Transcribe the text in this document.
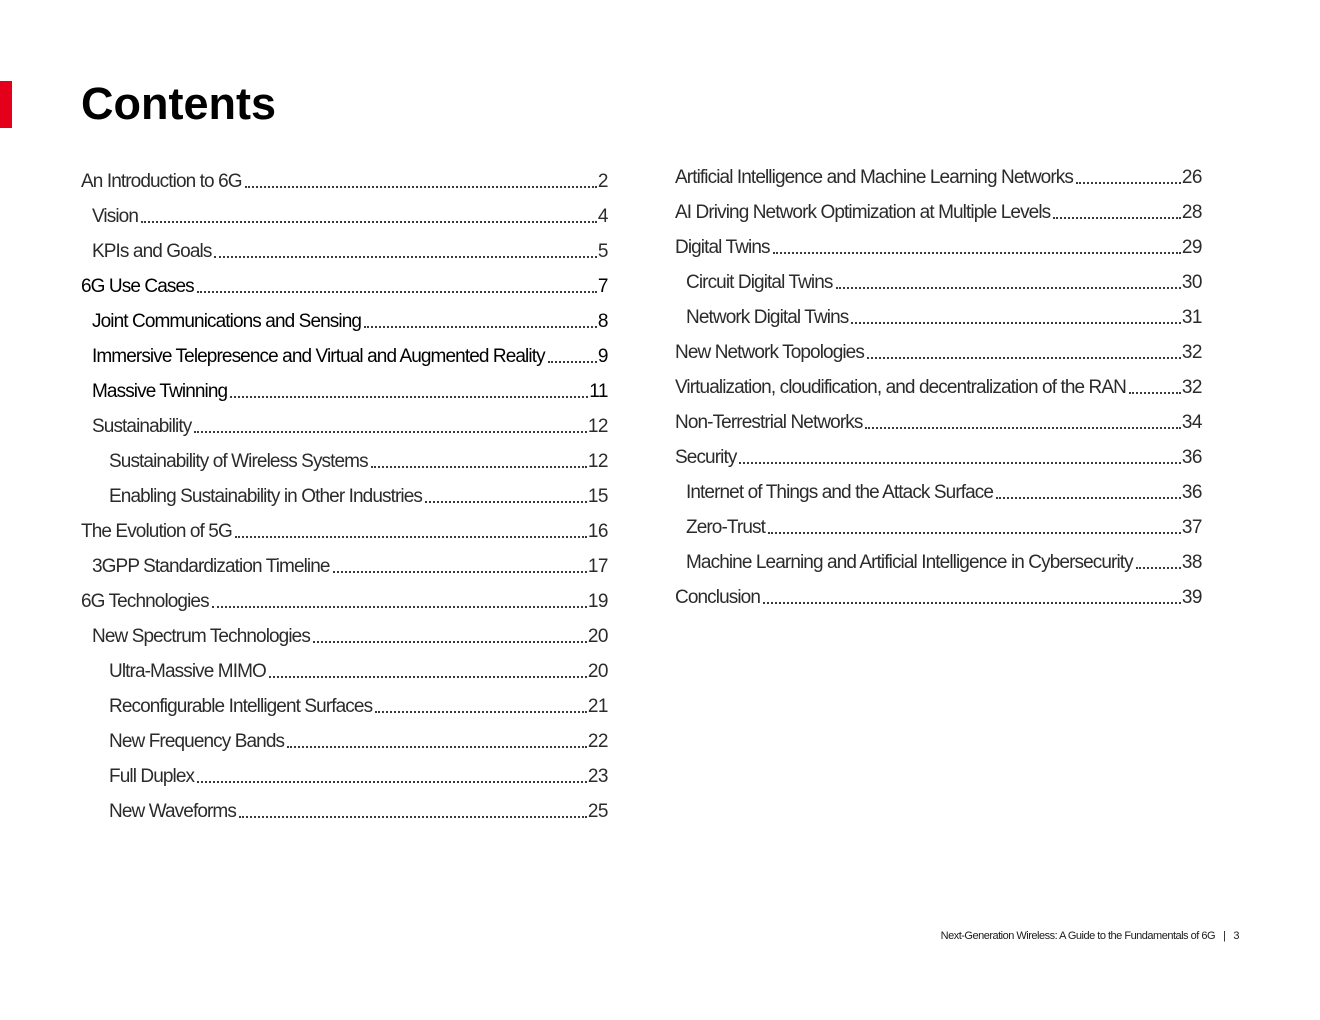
Contents
An Introduction to 6G	2
Vision	4
KPIs and Goals	5
6G Use Cases	7
Joint Communications and Sensing	8
Immersive Telepresence and Virtual and Augmented Reality	9
Massive Twinning	11
Sustainability	12
Sustainability of Wireless Systems	12
Enabling Sustainability in Other Industries	15
The Evolution of 5G	16
3GPP Standardization Timeline	17
6G Technologies	19
New Spectrum Technologies	20
Ultra-Massive MIMO	20
Reconfigurable Intelligent Surfaces	21
New Frequency Bands	22
Full Duplex	23
New Waveforms	25
Artificial Intelligence and Machine Learning Networks	26
AI Driving Network Optimization at Multiple Levels	28
Digital Twins	29
Circuit Digital Twins	30
Network Digital Twins	31
New Network Topologies	32
Virtualization, cloudification, and decentralization of the RAN	32
Non-Terrestrial Networks	34
Security	36
Internet of Things and the Attack Surface	36
Zero-Trust	37
Machine Learning and Artificial Intelligence in Cybersecurity	38
Conclusion	39
Next-Generation Wireless: A Guide to the Fundamentals of 6G | 3
